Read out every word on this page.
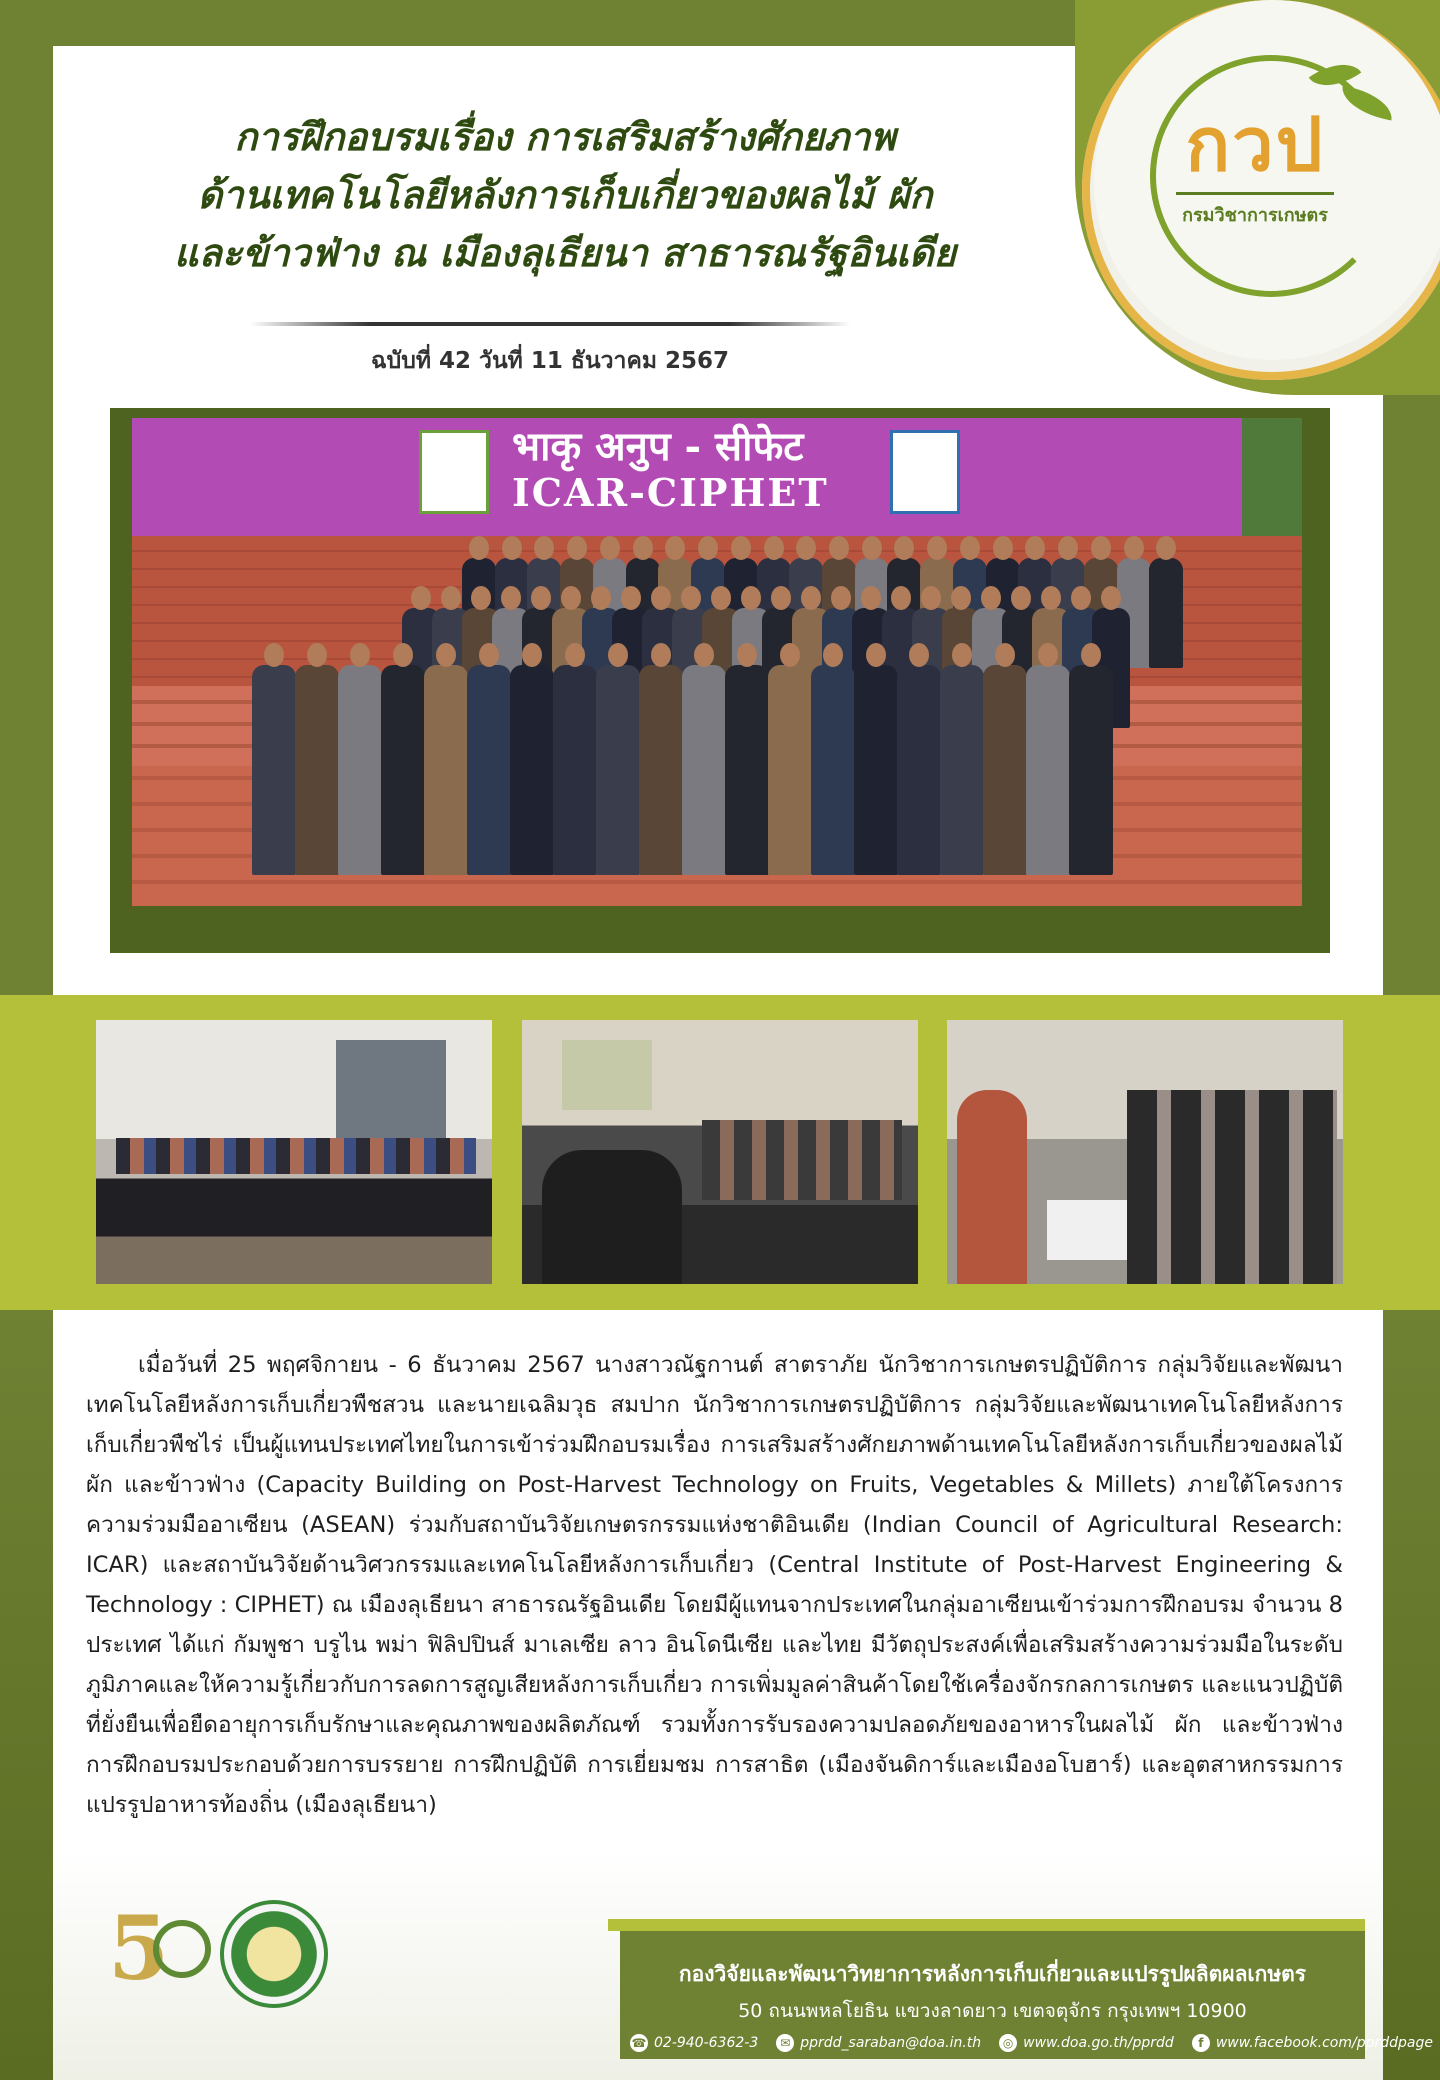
กวป
กรมวิชาการเกษตร
การฝึกอบรมเรื่อง การเสริมสร้างศักยภาพ
ด้านเทคโนโลยีหลังการเก็บเกี่ยวของผลไม้ ผัก
และข้าวฟ่าง ณ เมืองลุเธียนา สาธารณรัฐอินเดีย
ฉบับที่ 42 วันที่ 11 ธันวาคม 2567
भाकृ अनुप - सीफेट
ICAR-CIPHET
เมื่อวันที่ 25 พฤศจิกายน - 6 ธันวาคม 2567 นางสาวณัฐกานต์ สาตราภัย นักวิชาการเกษตรปฏิบัติการ กลุ่มวิจัยและพัฒนาเทคโนโลยีหลังการเก็บเกี่ยวพืชสวน และนายเฉลิมวุธ สมปาก นักวิชาการเกษตรปฏิบัติการ กลุ่มวิจัยและพัฒนาเทคโนโลยีหลังการเก็บเกี่ยวพืชไร่ เป็นผู้แทนประเทศไทยในการเข้าร่วมฝึกอบรมเรื่อง การเสริมสร้างศักยภาพด้านเทคโนโลยีหลังการเก็บเกี่ยวของผลไม้ ผัก และข้าวฟ่าง (Capacity Building on Post-Harvest Technology on Fruits, Vegetables & Millets) ภายใต้โครงการความร่วมมืออาเซียน (ASEAN) ร่วมกับสถาบันวิจัยเกษตรกรรมแห่งชาติอินเดีย (Indian Council of Agricultural Research: ICAR) และสถาบันวิจัยด้านวิศวกรรมและเทคโนโลยีหลังการเก็บเกี่ยว (Central Institute of Post-Harvest Engineering & Technology : CIPHET) ณ เมืองลุเธียนา สาธารณรัฐอินเดีย โดยมีผู้แทนจากประเทศในกลุ่มอาเซียนเข้าร่วมการฝึกอบรม จำนวน 8 ประเทศ ได้แก่ กัมพูชา บรูไน พม่า ฟิลิปปินส์ มาเลเซีย ลาว อินโดนีเซีย และไทย มีวัตถุประสงค์เพื่อเสริมสร้างความร่วมมือในระดับภูมิภาคและให้ความรู้เกี่ยวกับการลดการสูญเสียหลังการเก็บเกี่ยว การเพิ่มมูลค่าสินค้าโดยใช้เครื่องจักรกลการเกษตร และแนวปฏิบัติที่ยั่งยืนเพื่อยืดอายุการเก็บรักษาและคุณภาพของผลิตภัณฑ์ รวมทั้งการรับรองความปลอดภัยของอาหารในผลไม้ ผัก และข้าวฟ่าง การฝึกอบรมประกอบด้วยการบรรยาย การฝึกปฏิบัติ การเยี่ยมชม การสาธิต (เมืองจันดิการ์และเมืองอโบฮาร์) และอุตสาหกรรมการแปรรูปอาหารท้องถิ่น (เมืองลุเธียนา)
5	กองวิจัยและพัฒนาวิทยาการหลังการเก็บเกี่ยวและแปรรูปผลิตผลเกษตร
50 ถนนพหลโยธิน แขวงลาดยาว เขตจตุจักร กรุงเทพฯ 10900
☎ 02-940-6362-3	✉ pprdd_saraban@doa.in.th	◎ www.doa.go.th/pprdd	f www.facebook.com/pprddpage
